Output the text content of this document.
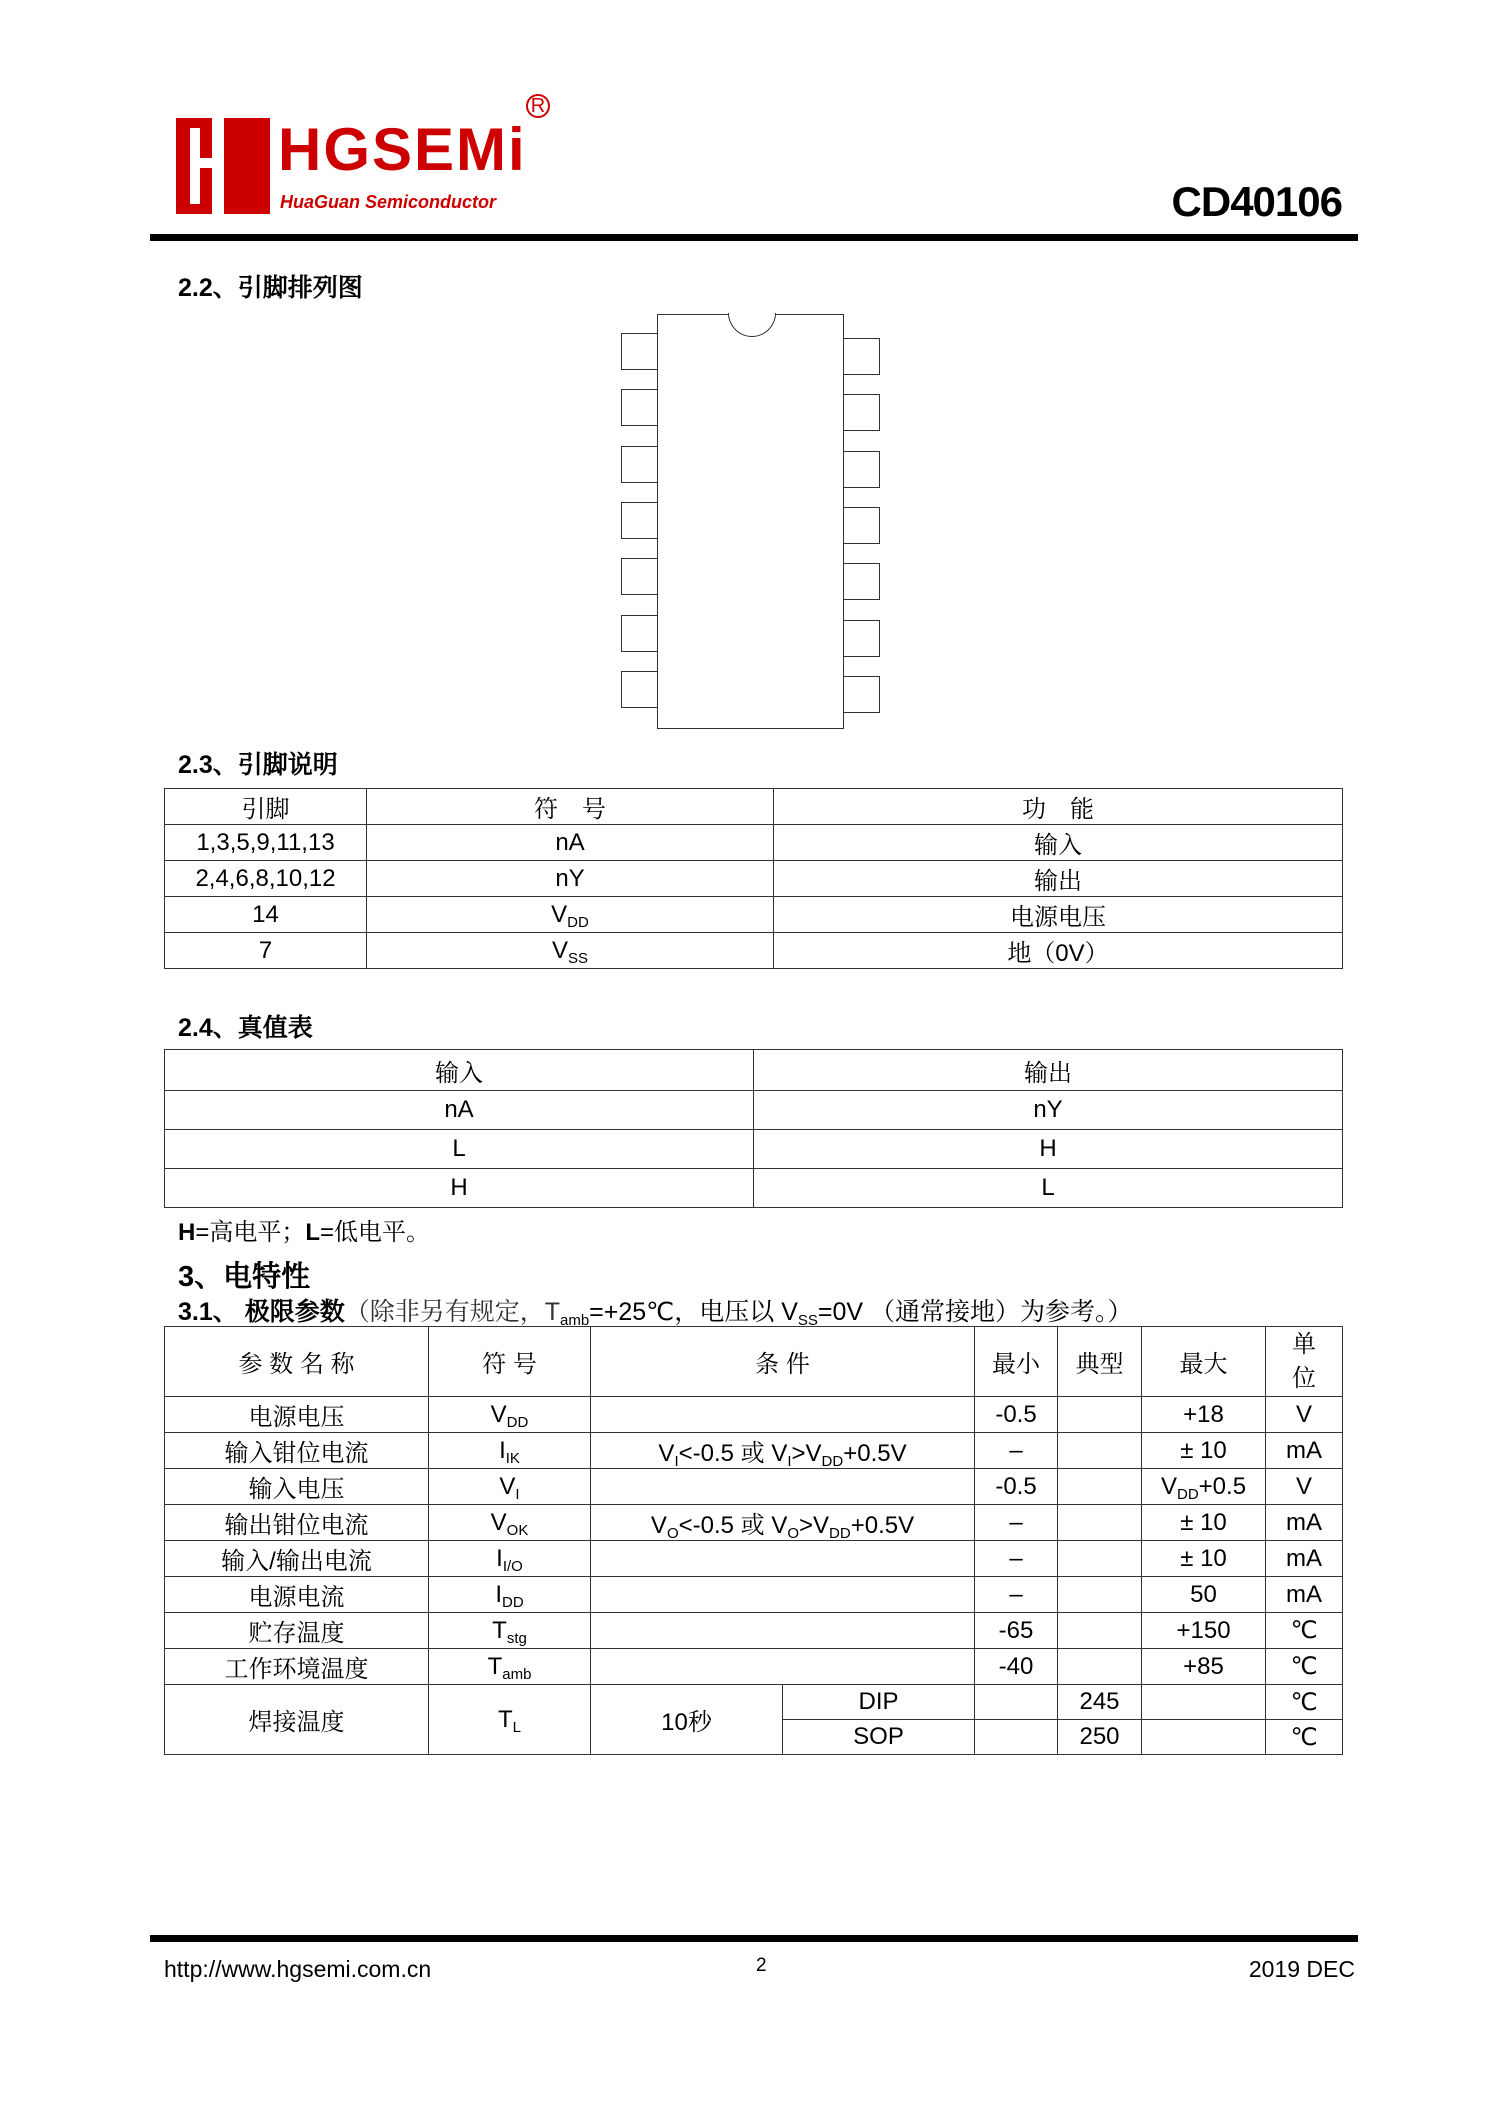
HGSEMi
HuaGuan Semiconductor
R
CD40106
2.2、引脚排列图
2.3、引脚说明
引脚	符　号	功　能
1,3,5,9,11,13	nA	输入
2,4,6,8,10,12	nY	输出
14	$V_{DD}$	电源电压
7	$V_{SS}$	地（0V）
2.4、真值表
输入	输出
nA	nY
L	H
H	L
H=高电平；L=低电平。
3、电特性
3.1、 极限参数（除非另有规定，$T_{amb}=+25℃$，电压以 $V_{SS}=0V$ （通常接地）为参考。）
参 数 名 称	符 号	条 件		最小	典型	最大	单位
电源电压	$V_{DD}$			-0.5		+18	V
输入钳位电流	$I_{IK}$	$V_I<-0.5$ 或 $V_I>V_{DD}+0.5V$		–		± 10	mA
输入电压	$V_I$			-0.5		$V_{DD}+0.5$	V
输出钳位电流	$V_{OK}$	$V_O<-0.5$ 或 $V_O>V_{DD}+0.5V$		–		± 10	mA
输入/输出电流	$I_{I/O}$			–		± 10	mA
电源电流	$I_{DD}$			–		50	mA
贮存温度	$T_{stg}$			-65		+150	℃
工作环境温度	$T_{amb}$			-40		+85	℃
焊接温度	$T_L$	10秒	DIP		245		℃
			SOP		250		℃
http://www.hgsemi.com.cn	2	2019 DEC
